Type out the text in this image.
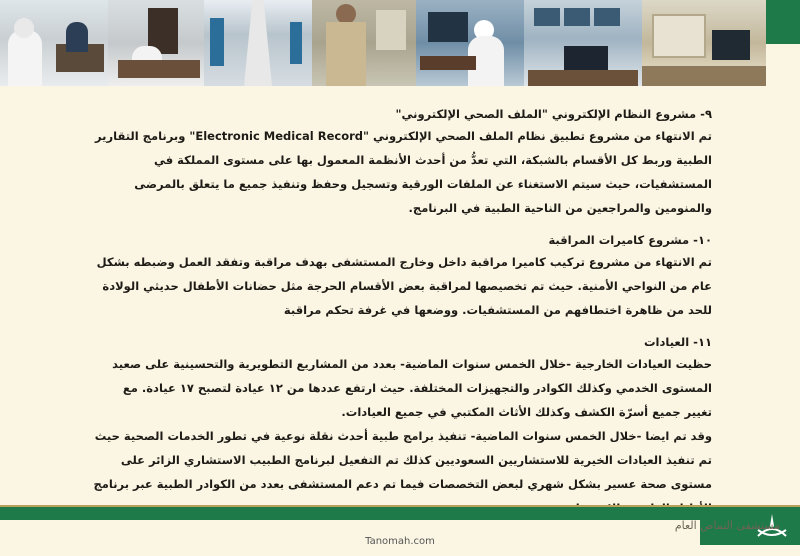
٩- مشروع النظام الإلكتروني "الملف الصحي الإلكتروني"

تم الانتهاء من مشروع تطبيق نظام الملف الصحي الإلكتروني "Electronic Medical Record" وبرنامج التقارير الطبية وربط كل الأقسام بالشبكة، التي تعدُّ من أحدث الأنظمة المعمول بها على مستوى المملكة في المستشفيات، حيث سيتم الاستغناء عن الملفات الورقية وتسجيل وحفظ وتنفيذ جميع ما يتعلق بالمرضى والمنومين والمراجعين من الناحية الطبية في البرنامج.

١٠- مشروع كاميرات المراقبة

تم الانتهاء من مشروع تركيب كاميرا مراقبة داخل وخارج المستشفى بهدف مراقبة وتفقد العمل وضبطه بشكل عام من النواحي الأمنية. حيث تم تخصيصها لمراقبة بعض الأقسام الحرجة مثل حضانات الأطفال حديثي الولادة للحد من ظاهرة اختطافهم من المستشفيات. ووضعها في غرفة تحكم مراقبة

١١- العيادات

حظيت العيادات الخارجية -خلال الخمس سنوات الماضية- بعدد من المشاريع التطويرية والتحسينية على صعيد المستوى الخدمي وكذلك الكوادر والتجهيزات المختلفة. حيث ارتفع عددها من ١٢ عيادة لتصبح ١٧ عيادة. مع تغيير جميع أسرّة الكشف وكذلك الأثاث المكتبي في جميع العيادات.

وقد تم ايضا -خلال الخمس سنوات الماضية- تنفيذ برامج طبية أحدث نقلة نوعية في تطور الخدمات الصحية حيث تم تنفيذ العيادات الخيرية للاستشاريين السعوديين كذلك تم التفعيل لبرنامج الطبيب الاستشاري الزائر على مستوى صحة عسير بشكل شهري لبعض التخصصات فيما تم دعم المستشفى بعدد من الكوادر الطبية عبر برنامج

مستشفى النماص العام
Tanomah.com
